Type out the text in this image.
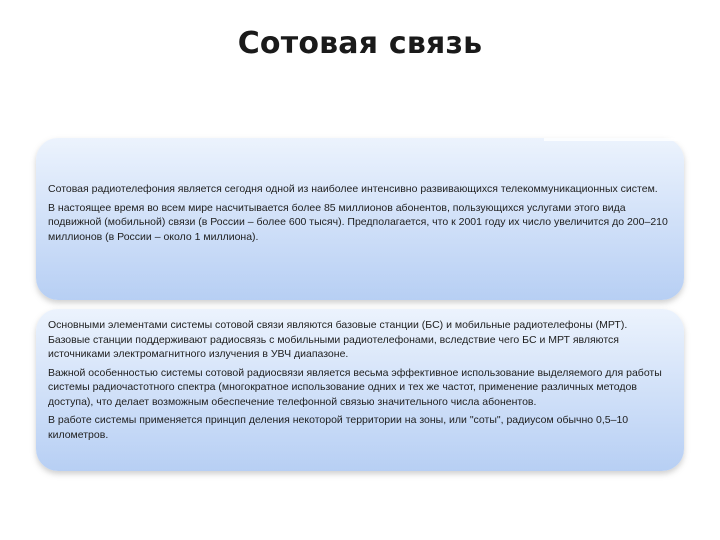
Сотовая связь

Сотовая радиотелефония является сегодня одной из наиболее интенсивно развивающихся телекоммуникационных систем.

В настоящее время во всем мире насчитывается более 85 миллионов абонентов, пользующихся услугами этого вида подвижной (мобильной) связи (в России – более 600 тысяч). Предполагается, что к 2001 году их число увеличится до 200–210 миллионов (в России – около 1 миллиона).

Основными элементами системы сотовой связи являются базовые станции (БС) и мобильные радиотелефоны (МРТ). Базовые станции поддерживают радиосвязь с мобильными радиотелефонами, вследствие чего БС и МРТ являются источниками электромагнитного излучения в УВЧ диапазоне.

Важной особенностью системы сотовой радиосвязи является весьма эффективное использование выделяемого для работы системы радиочастотного спектра (многократное использование одних и тех же частот, применение различных методов доступа), что делает возможным обеспечение телефонной связью значительного числа абонентов.

В работе системы применяется принцип деления некоторой территории на зоны, или "соты", радиусом обычно 0,5–10 километров.
